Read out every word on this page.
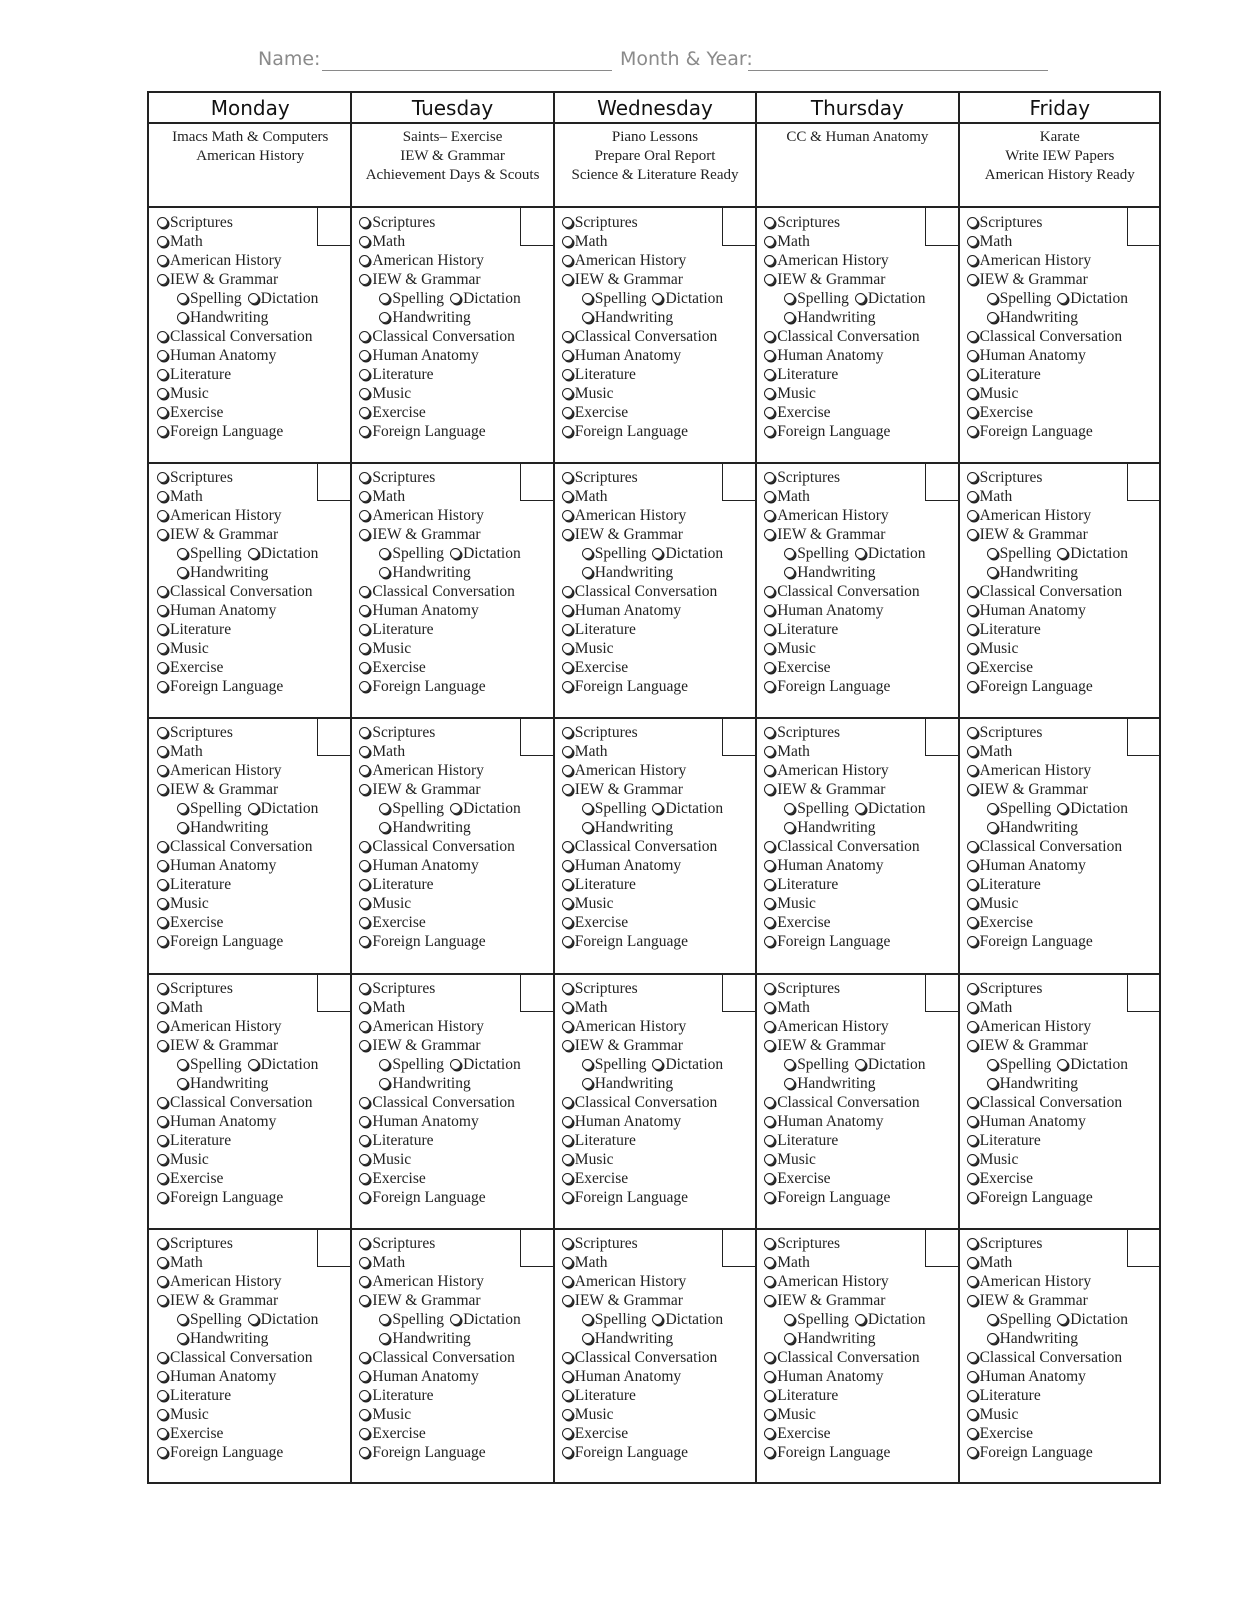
Name:	Month & Year:
Monday
Imacs Math & Computers
American History
Tuesday
Saints– Exercise
IEW & Grammar
Achievement Days & Scouts
Wednesday
Piano Lessons
Prepare Oral Report
Science & Literature Ready
Thursday
CC & Human Anatomy
Friday
Karate
Write IEW Papers
American History Ready
Scriptures
Math
American History
IEW & Grammar
Spelling Dictation
Handwriting
Classical Conversation
Human Anatomy
Literature
Music
Exercise
Foreign Language
Scriptures
Math
American History
IEW & Grammar
Spelling Dictation
Handwriting
Classical Conversation
Human Anatomy
Literature
Music
Exercise
Foreign Language
Scriptures
Math
American History
IEW & Grammar
Spelling Dictation
Handwriting
Classical Conversation
Human Anatomy
Literature
Music
Exercise
Foreign Language
Scriptures
Math
American History
IEW & Grammar
Spelling Dictation
Handwriting
Classical Conversation
Human Anatomy
Literature
Music
Exercise
Foreign Language
Scriptures
Math
American History
IEW & Grammar
Spelling Dictation
Handwriting
Classical Conversation
Human Anatomy
Literature
Music
Exercise
Foreign Language
Scriptures
Math
American History
IEW & Grammar
Spelling Dictation
Handwriting
Classical Conversation
Human Anatomy
Literature
Music
Exercise
Foreign Language
Scriptures
Math
American History
IEW & Grammar
Spelling Dictation
Handwriting
Classical Conversation
Human Anatomy
Literature
Music
Exercise
Foreign Language
Scriptures
Math
American History
IEW & Grammar
Spelling Dictation
Handwriting
Classical Conversation
Human Anatomy
Literature
Music
Exercise
Foreign Language
Scriptures
Math
American History
IEW & Grammar
Spelling Dictation
Handwriting
Classical Conversation
Human Anatomy
Literature
Music
Exercise
Foreign Language
Scriptures
Math
American History
IEW & Grammar
Spelling Dictation
Handwriting
Classical Conversation
Human Anatomy
Literature
Music
Exercise
Foreign Language
Scriptures
Math
American History
IEW & Grammar
Spelling Dictation
Handwriting
Classical Conversation
Human Anatomy
Literature
Music
Exercise
Foreign Language
Scriptures
Math
American History
IEW & Grammar
Spelling Dictation
Handwriting
Classical Conversation
Human Anatomy
Literature
Music
Exercise
Foreign Language
Scriptures
Math
American History
IEW & Grammar
Spelling Dictation
Handwriting
Classical Conversation
Human Anatomy
Literature
Music
Exercise
Foreign Language
Scriptures
Math
American History
IEW & Grammar
Spelling Dictation
Handwriting
Classical Conversation
Human Anatomy
Literature
Music
Exercise
Foreign Language
Scriptures
Math
American History
IEW & Grammar
Spelling Dictation
Handwriting
Classical Conversation
Human Anatomy
Literature
Music
Exercise
Foreign Language
Scriptures
Math
American History
IEW & Grammar
Spelling Dictation
Handwriting
Classical Conversation
Human Anatomy
Literature
Music
Exercise
Foreign Language
Scriptures
Math
American History
IEW & Grammar
Spelling Dictation
Handwriting
Classical Conversation
Human Anatomy
Literature
Music
Exercise
Foreign Language
Scriptures
Math
American History
IEW & Grammar
Spelling Dictation
Handwriting
Classical Conversation
Human Anatomy
Literature
Music
Exercise
Foreign Language
Scriptures
Math
American History
IEW & Grammar
Spelling Dictation
Handwriting
Classical Conversation
Human Anatomy
Literature
Music
Exercise
Foreign Language
Scriptures
Math
American History
IEW & Grammar
Spelling Dictation
Handwriting
Classical Conversation
Human Anatomy
Literature
Music
Exercise
Foreign Language
Scriptures
Math
American History
IEW & Grammar
Spelling Dictation
Handwriting
Classical Conversation
Human Anatomy
Literature
Music
Exercise
Foreign Language
Scriptures
Math
American History
IEW & Grammar
Spelling Dictation
Handwriting
Classical Conversation
Human Anatomy
Literature
Music
Exercise
Foreign Language
Scriptures
Math
American History
IEW & Grammar
Spelling Dictation
Handwriting
Classical Conversation
Human Anatomy
Literature
Music
Exercise
Foreign Language
Scriptures
Math
American History
IEW & Grammar
Spelling Dictation
Handwriting
Classical Conversation
Human Anatomy
Literature
Music
Exercise
Foreign Language
Scriptures
Math
American History
IEW & Grammar
Spelling Dictation
Handwriting
Classical Conversation
Human Anatomy
Literature
Music
Exercise
Foreign Language
